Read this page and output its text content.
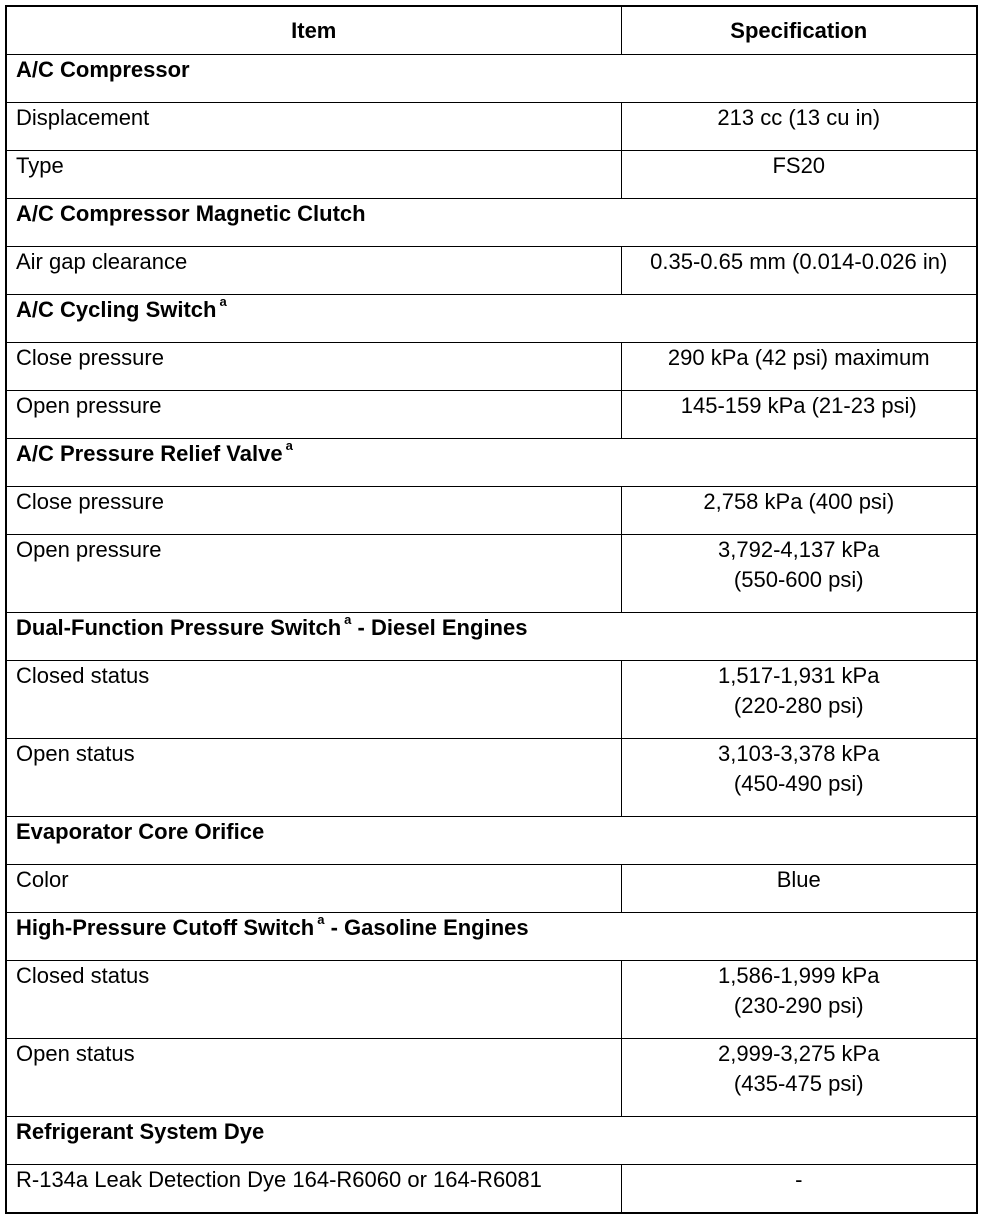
Item	Specification
A/C Compressor	
Displacement	213 cc (13 cu in)
Type	FS20
A/C Compressor Magnetic Clutch	
Air gap clearance	0.35-0.65 mm (0.014-0.026 in)
A/C Cycling Switch $^a$
Close pressure	290 kPa (42 psi) maximum
Open pressure	145-159 kPa (21-23 psi)
A/C Pressure Relief Valve $^a$
Close pressure	2,758 kPa (400 psi)
Open pressure	3,792-4,137 kPa
(550-600 psi)

Dual-Function Pressure Switch $^a$ - Diesel Engines	
Closed status	1,517-1,931 kPa
(220-280 psi)

Open status	3,103-3,378 kPa
(450-490 psi)

Evaporator Core Orifice	
Color	Blue
High-Pressure Cutoff Switch $^a$ - Gasoline Engines	
Closed status	1,586-1,999 kPa
(230-290 psi)

Open status	2,999-3,275 kPa
(435-475 psi)

Refrigerant System Dye	
R-134a Leak Detection Dye 164-R6060 or 164-R6081	-
